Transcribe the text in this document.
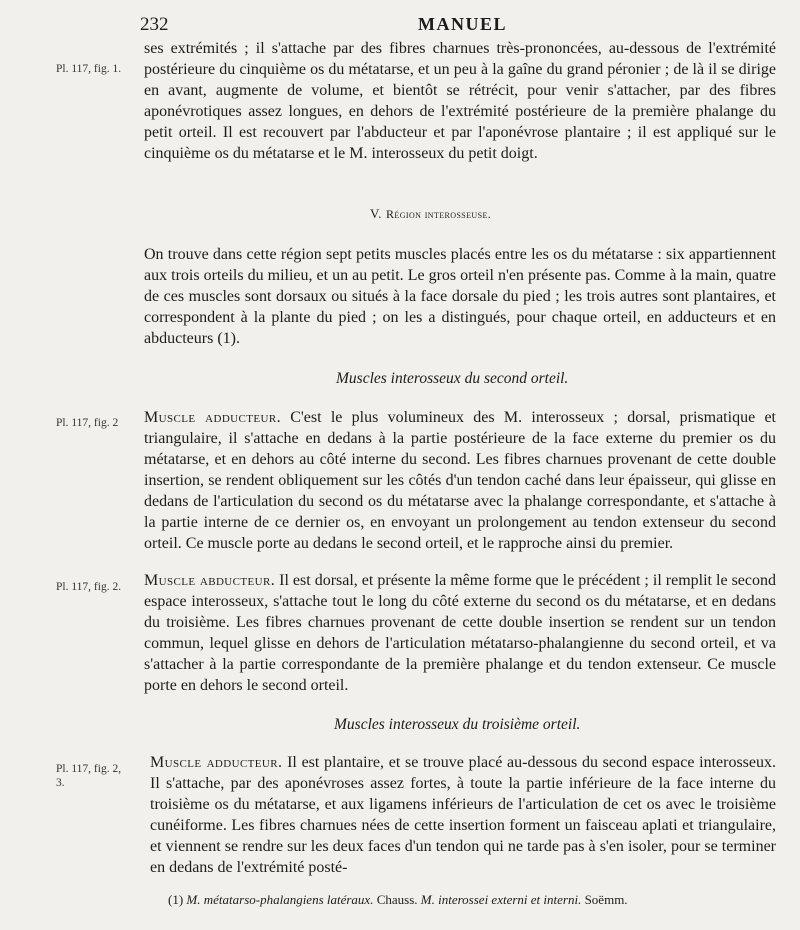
232	MANUEL
Pl. 117, fig. 1.

ses extrémités ; il s'attache par des fibres charnues très-prononcées, au-dessous de l'extrémité postérieure du cinquième os du métatarse, et un peu à la gaîne du grand péronier ; de là il se dirige en avant, augmente de volume, et bientôt se rétrécit, pour venir s'attacher, par des fibres aponévrotiques assez longues, en dehors de l'extrémité postérieure de la première phalange du petit orteil. Il est recouvert par l'abducteur et par l'aponévrose plantaire ; il est appliqué sur le cinquième os du métatarse et le M. interosseux du petit doigt.

V. Région interosseuse.

On trouve dans cette région sept petits muscles placés entre les os du métatarse : six appartiennent aux trois orteils du milieu, et un au petit. Le gros orteil n'en présente pas. Comme à la main, quatre de ces muscles sont dorsaux ou situés à la face dorsale du pied ; les trois autres sont plantaires, et correspondent à la plante du pied ; on les a distingués, pour chaque orteil, en adducteurs et en abducteurs (1).

Muscles interosseux du second orteil.
Pl. 117, fig. 2	Muscle adducteur. C'est le plus volumineux des M. interosseux ; dorsal, prismatique et triangulaire, il s'attache en dedans à la partie postérieure de la face externe du premier os du métatarse, et en dehors au côté interne du second. Les fibres charnues provenant de cette double insertion, se rendent obliquement sur les côtés d'un tendon caché dans leur épaisseur, qui glisse en dedans de l'articulation du second os du métatarse avec la phalange correspondante, et s'attache à la partie interne de ce dernier os, en envoyant un prolongement au tendon extenseur du second orteil. Ce muscle porte au dedans le second orteil, et le rapproche ainsi du premier.

Pl. 117, fig. 2.	Muscle abducteur. Il est dorsal, et présente la même forme que le précédent ; il remplit le second espace interosseux, s'attache tout le long du côté externe du second os du métatarse, et en dedans du troisième. Les fibres charnues provenant de cette double insertion se rendent sur un tendon commun, lequel glisse en dehors de l'articulation métatarso-phalangienne du second orteil, et va s'attacher à la partie correspondante de la première phalange et du tendon extenseur. Ce muscle porte en dehors le second orteil.

Muscles interosseux du troisième orteil.
Pl. 117, fig. 2, 3.

Muscle adducteur. Il est plantaire, et se trouve placé au-dessous du second espace interosseux. Il s'attache, par des aponévroses assez fortes, à toute la partie inférieure de la face interne du troisième os du métatarse, et aux ligamens inférieurs de l'articulation de cet os avec le troisième cunéiforme. Les fibres charnues nées de cette insertion forment un faisceau aplati et triangulaire, et viennent se rendre sur les deux faces d'un tendon qui ne tarde pas à s'en isoler, pour se terminer en dedans de l'extrémité posté-

(1) M. métatarso-phalangiens latéraux. Chauss. M. interossei externi et interni. Soëmm.
